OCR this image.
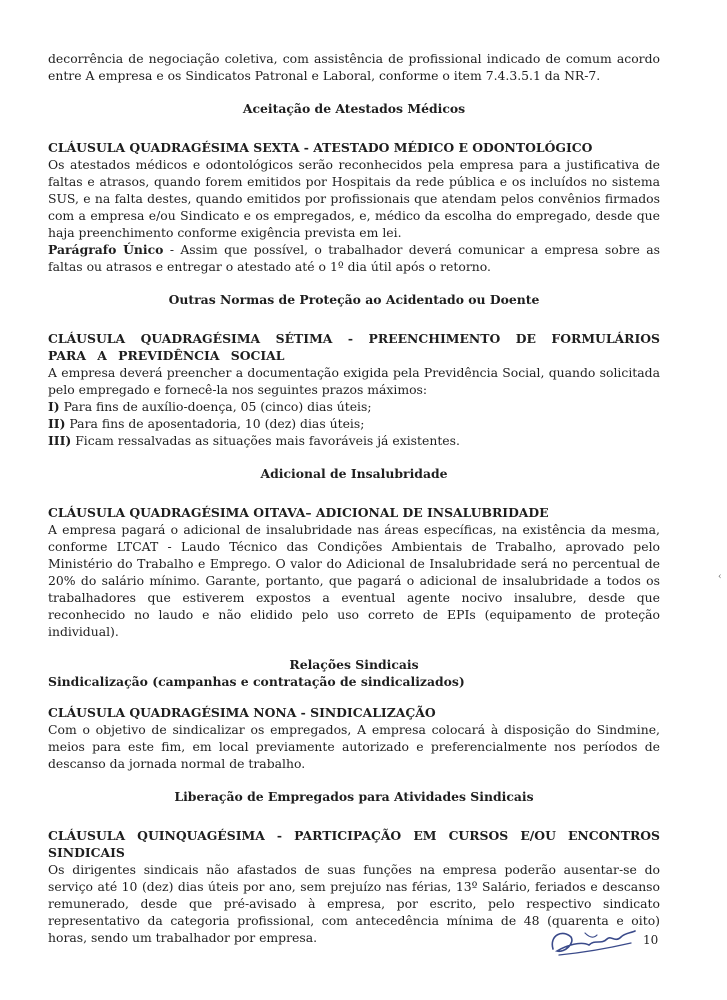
decorrência de negociação coletiva, com assistência de profissional indicado de comum acordo entre A empresa e os Sindicatos Patronal e Laboral, conforme o item 7.4.3.5.1 da NR-7.

Aceitação de Atestados Médicos

CLÁUSULA QUADRAGÉSIMA SEXTA - ATESTADO MÉDICO E ODONTOLÓGICO

Os atestados médicos e odontológicos serão reconhecidos pela empresa para a justificativa de faltas e atrasos, quando forem emitidos por Hospitais da rede pública e os incluídos no sistema SUS, e na falta destes, quando emitidos por profissionais que atendam pelos convênios firmados com a empresa e/ou Sindicato e os empregados, e, médico da escolha do empregado, desde que haja preenchimento conforme exigência prevista em lei.

Parágrafo Único - Assim que possível, o trabalhador deverá comunicar a empresa sobre as faltas ou atrasos e entregar o atestado até o 1º dia útil após o retorno.

Outras Normas de Proteção ao Acidentado ou Doente

CLÁUSULA QUADRAGÉSIMA SÉTIMA - PREENCHIMENTO DE FORMULÁRIOS PARA A PREVIDÊNCIA SOCIAL

A empresa deverá preencher a documentação exigida pela Previdência Social, quando solicitada pelo empregado e fornecê-la nos seguintes prazos máximos:

I) Para fins de auxílio-doença, 05 (cinco) dias úteis;

II) Para fins de aposentadoria, 10 (dez) dias úteis;

III) Ficam ressalvadas as situações mais favoráveis já existentes.

Adicional de Insalubridade

CLÁUSULA QUADRAGÉSIMA OITAVA– ADICIONAL DE INSALUBRIDADE

A empresa pagará o adicional de insalubridade nas áreas específicas, na existência da mesma, conforme LTCAT - Laudo Técnico das Condições Ambientais de Trabalho, aprovado pelo Ministério do Trabalho e Emprego. O valor do Adicional de Insalubridade será no percentual de 20% do salário mínimo. Garante, portanto, que pagará o adicional de insalubridade a todos os trabalhadores que estiverem expostos a eventual agente nocivo insalubre, desde que reconhecido no laudo e não elidido pelo uso correto de EPIs (equipamento de proteção individual).

Relações Sindicais
Sindicalização (campanhas e contratação de sindicalizados)

CLÁUSULA QUADRAGÉSIMA NONA - SINDICALIZAÇÃO

Com o objetivo de sindicalizar os empregados, A empresa colocará à disposição do Sindmine, meios para este fim, em local previamente autorizado e preferencialmente nos períodos de descanso da jornada normal de trabalho.

Liberação de Empregados para Atividades Sindicais

CLÁUSULA QUINQUAGÉSIMA - PARTICIPAÇÃO EM CURSOS E/OU ENCONTROS SINDICAIS

Os dirigentes sindicais não afastados de suas funções na empresa poderão ausentar-se do serviço até 10 (dez) dias úteis por ano, sem prejuízo nas férias, 13º Salário, feriados e descanso remunerado, desde que pré-avisado à empresa, por escrito, pelo respectivo sindicato representativo da categoria profissional, com antecedência mínima de 48 (quarenta e oito) horas, sendo um trabalhador por empresa.

‹
10
